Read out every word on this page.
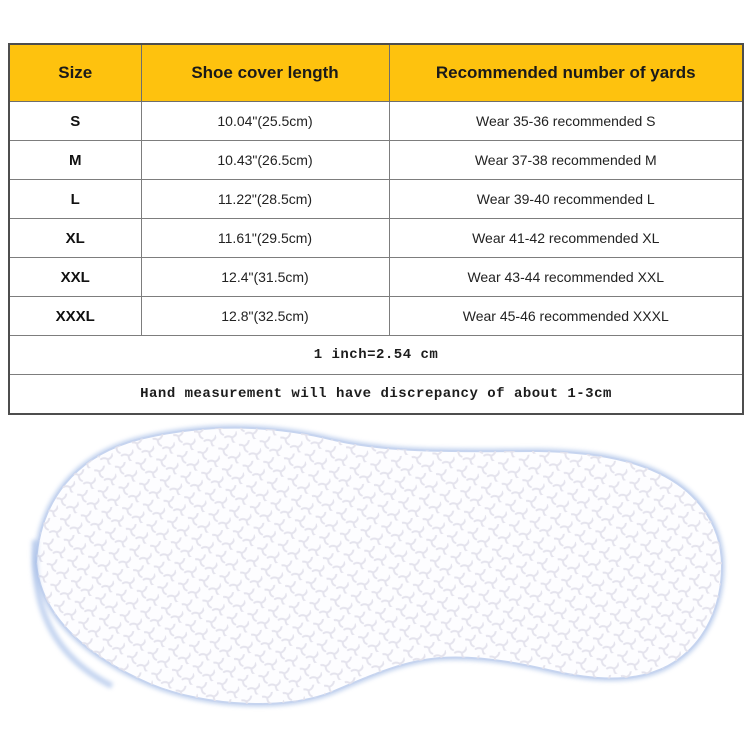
Size	Shoe cover length	Recommended number of yards
S	10.04"(25.5cm)	Wear 35-36 recommended S
M	10.43"(26.5cm)	Wear 37-38 recommended M
L	11.22"(28.5cm)	Wear 39-40 recommended L
XL	11.61"(29.5cm)	Wear 41-42 recommended XL
XXL	12.4"(31.5cm)	Wear 43-44 recommended XXL
XXXL	12.8"(32.5cm)	Wear 45-46 recommended XXXL
1 inch=2.54 cm		
Hand measurement will have discrepancy of about 1-3cm		
